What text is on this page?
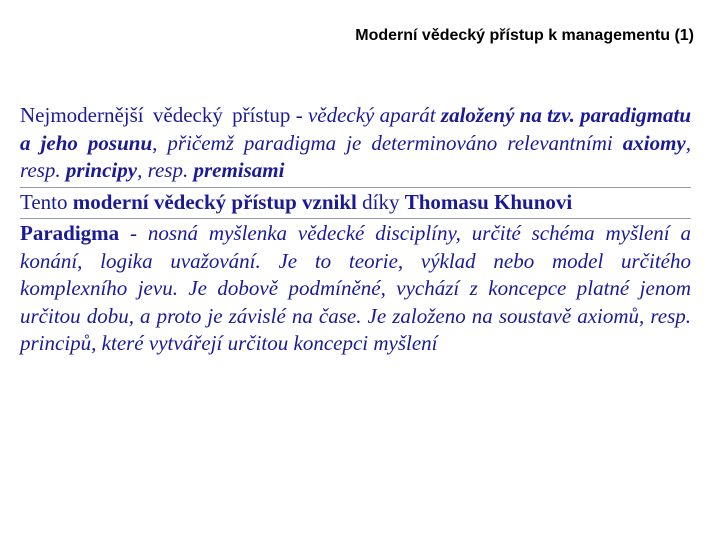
Moderní vědecký přístup k managementu (1)

Nejmodernější vědecký přístup - vědecký aparát založený na tzv. paradigmatu a jeho posunu, přičemž paradigma je determinováno relevantními axiomy, resp. principy, resp. premisami

Tento moderní vědecký přístup vznikl díky Thomasu Khunovi

Paradigma - nosná myšlenka vědecké disciplíny, určité schéma myšlení a konání, logika uvažování. Je to teorie, výklad nebo model určitého komplexního jevu. Je dobově podmíněné, vychází z koncepce platné jenom určitou dobu, a proto je závislé na čase. Je založeno na soustavě axiomů, resp. principů, které vytvářejí určitou koncepci myšlení
